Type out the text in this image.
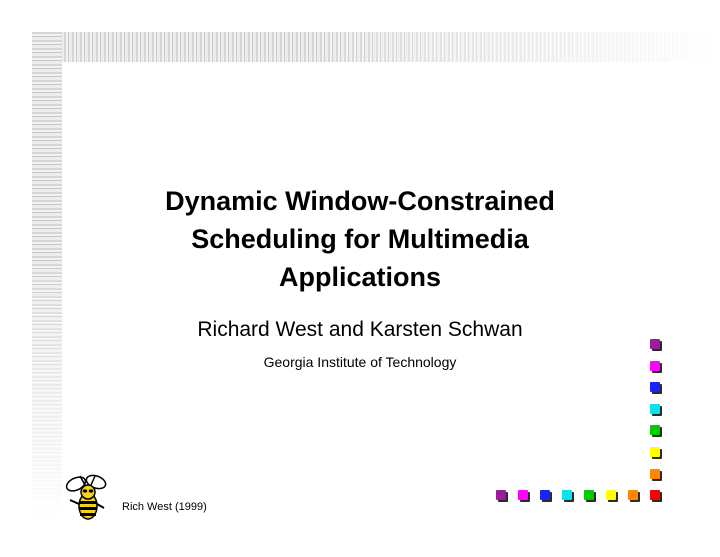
Dynamic Window-Constrained
Scheduling for Multimedia
Applications

Richard West and Karsten Schwan

Georgia Institute of Technology

Rich West (1999)
